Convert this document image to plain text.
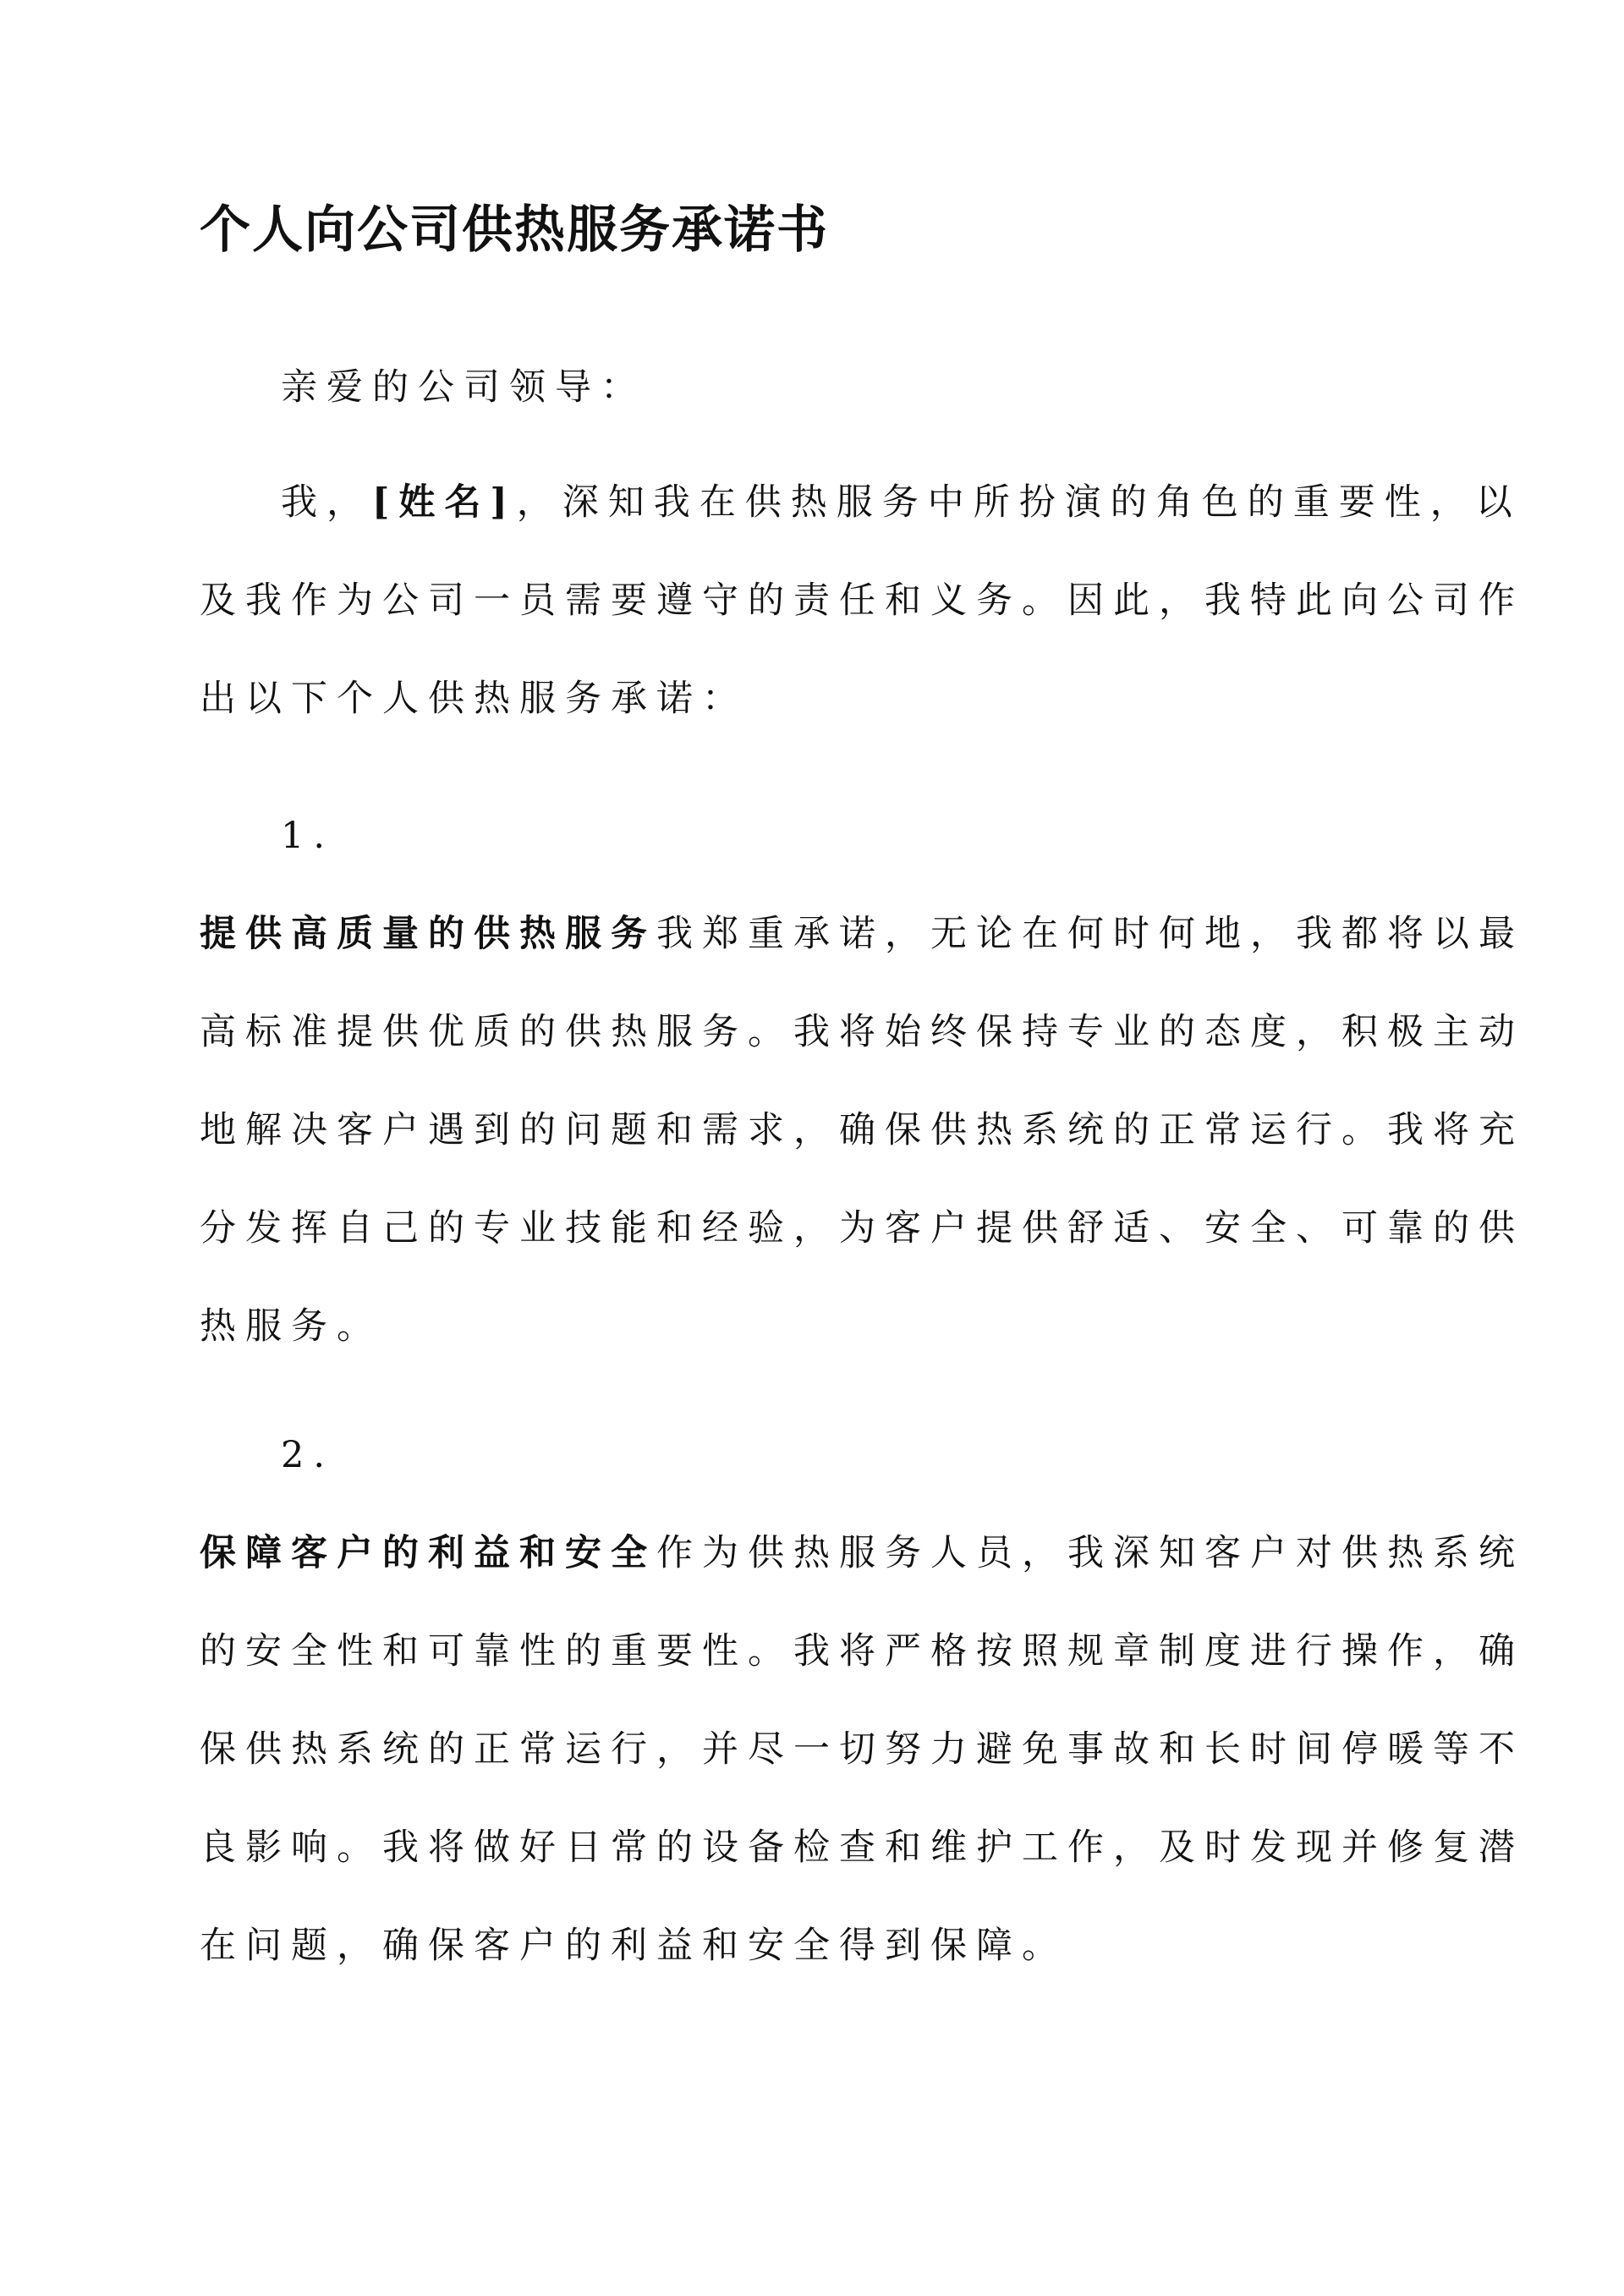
个人向公司供热服务承诺书

亲爱的公司领导：

我，[姓名]，深知我在供热服务中所扮演的角色的重要性，以
及我作为公司一员需要遵守的责任和义务。因此，我特此向公司作
出以下个人供热服务承诺：

1.

提供高质量的供热服务我郑重承诺，无论在何时何地，我都将以最
高标准提供优质的供热服务。我将始终保持专业的态度，积极主动
地解决客户遇到的问题和需求，确保供热系统的正常运行。我将充
分发挥自己的专业技能和经验，为客户提供舒适、安全、可靠的供
热服务。

2.

保障客户的利益和安全作为供热服务人员，我深知客户对供热系统
的安全性和可靠性的重要性。我将严格按照规章制度进行操作，确
保供热系统的正常运行，并尽一切努力避免事故和长时间停暖等不
良影响。我将做好日常的设备检查和维护工作，及时发现并修复潜
在问题，确保客户的利益和安全得到保障。
